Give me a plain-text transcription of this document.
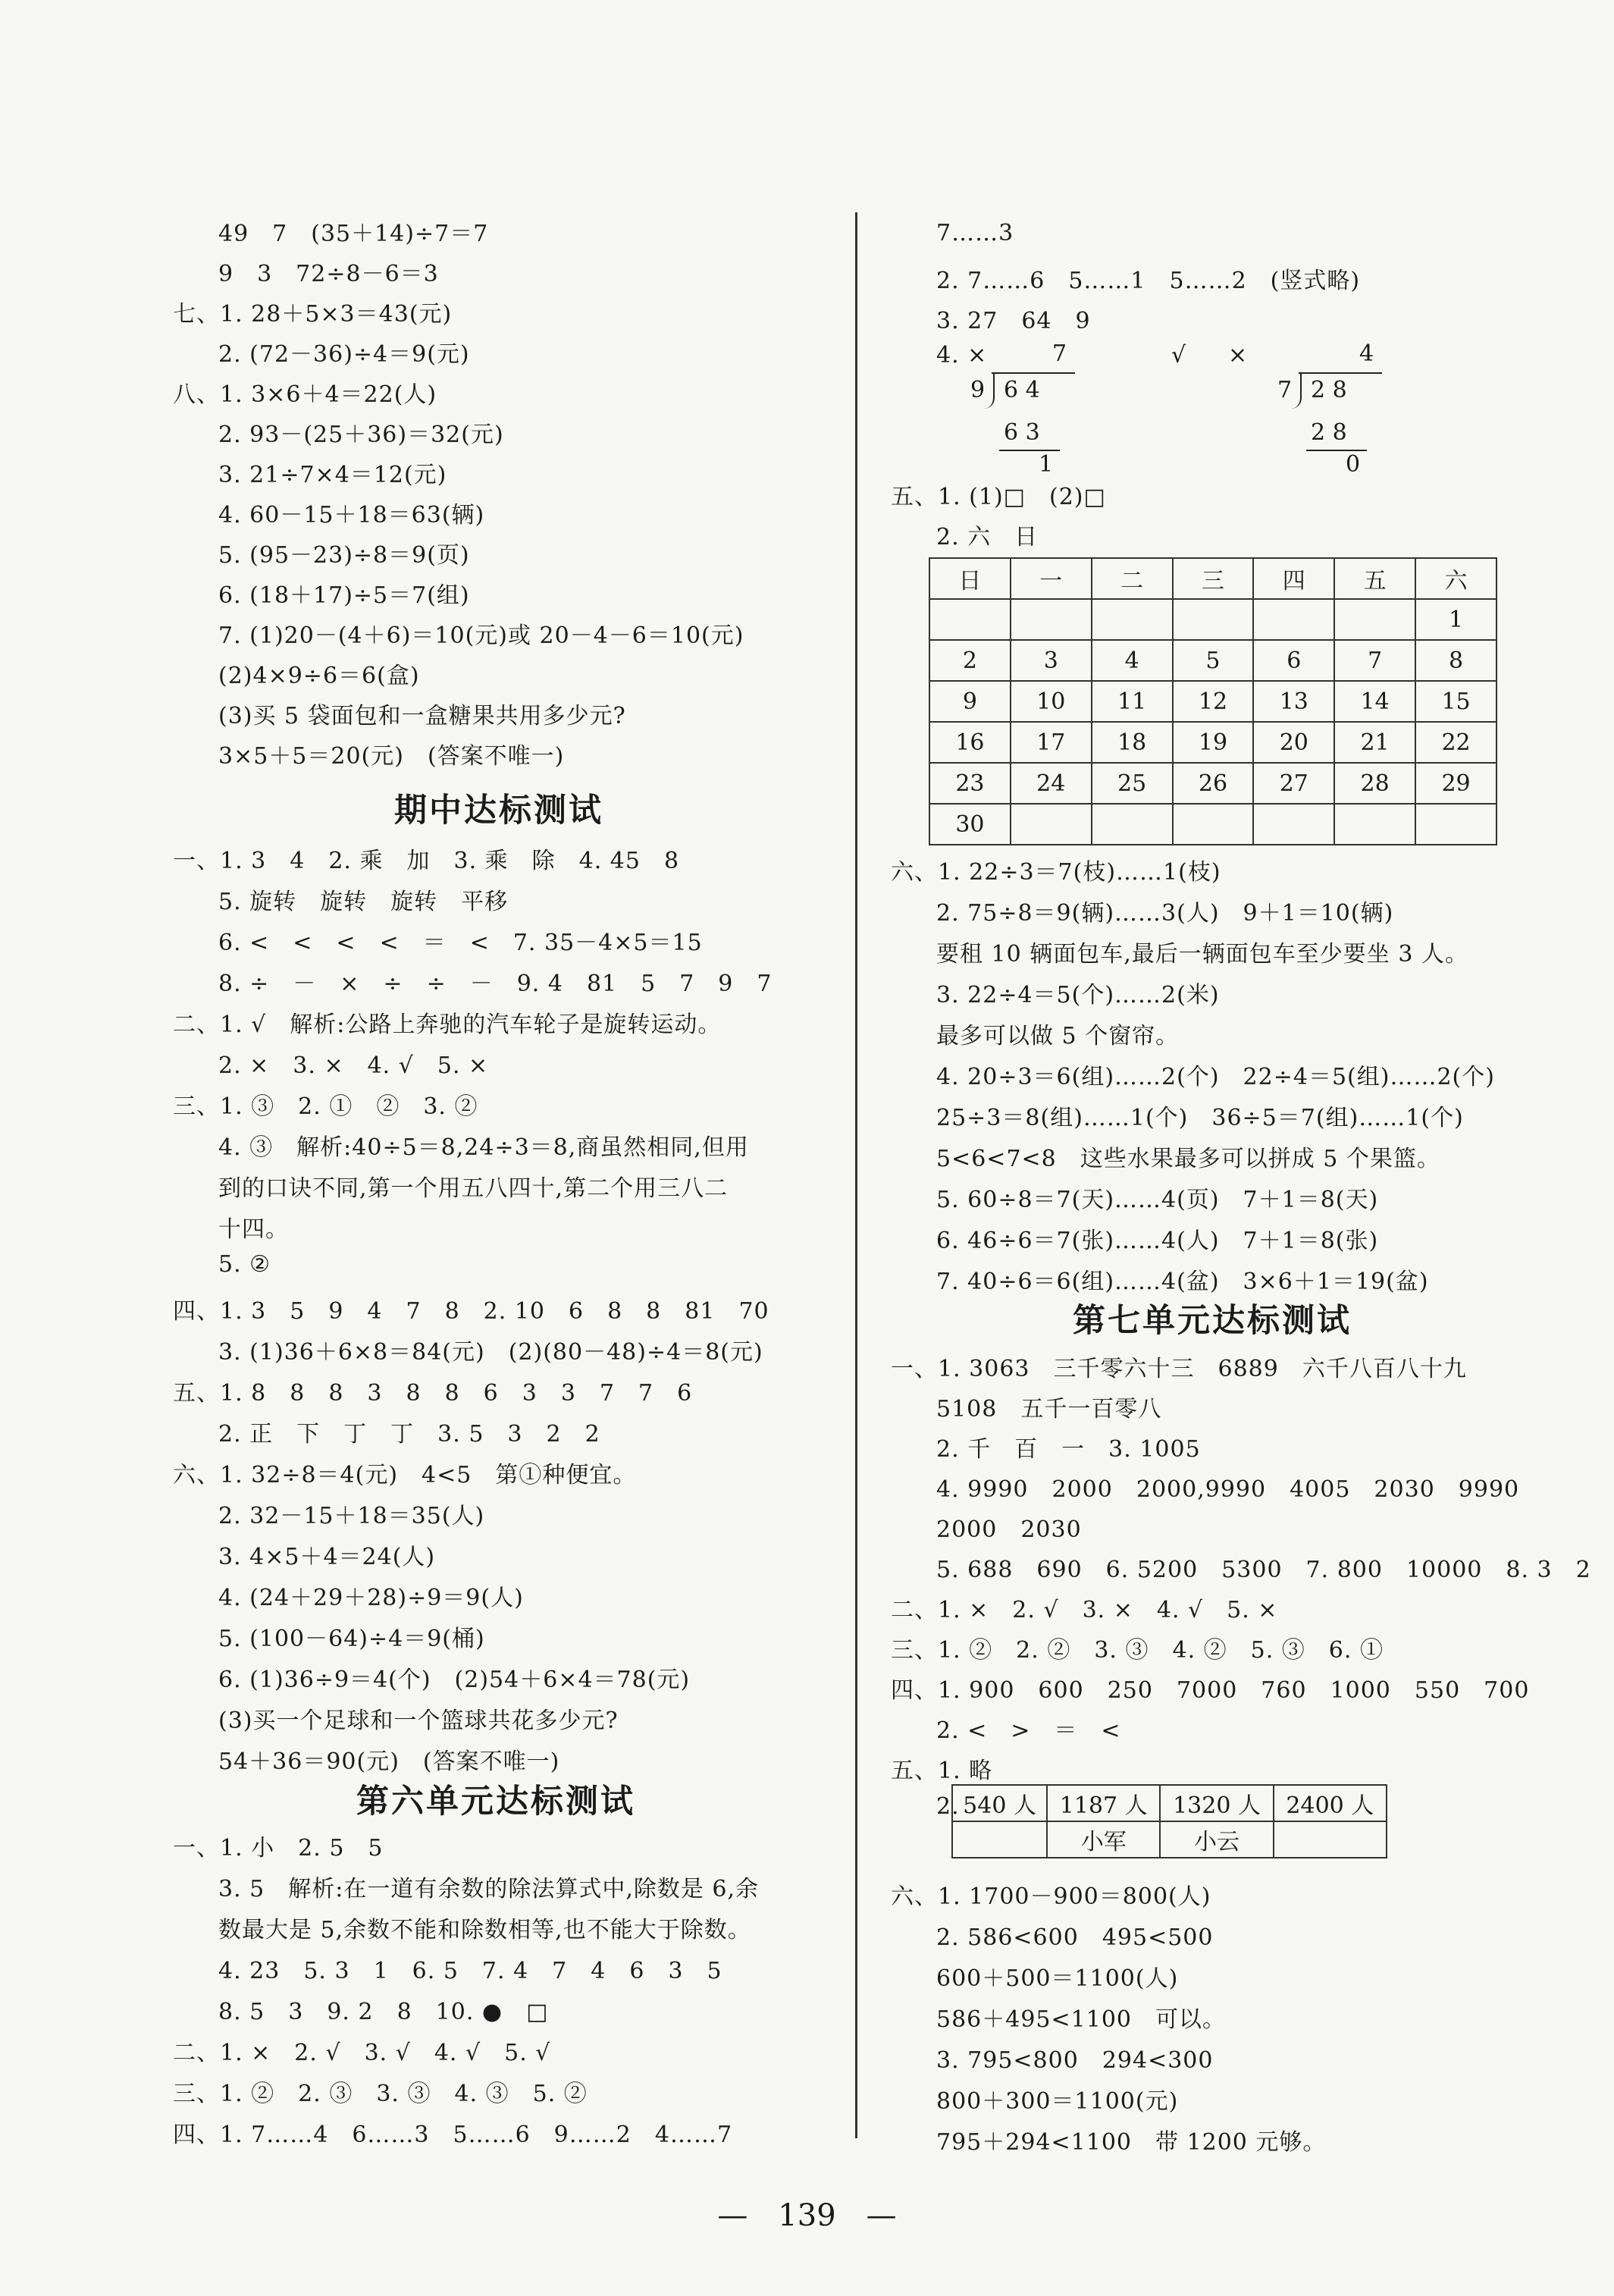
49　7　(35＋14)÷7＝7
9　3　72÷8－6＝3
七、1. 28＋5×3＝43(元)
2. (72－36)÷4＝9(元)
八、1. 3×6＋4＝22(人)
2. 93－(25＋36)＝32(元)
3. 21÷7×4＝12(元)
4. 60－15＋18＝63(辆)
5. (95－23)÷8＝9(页)
6. (18＋17)÷5＝7(组)
7. (1)20－(4＋6)＝10(元)或 20－4－6＝10(元)
(2)4×9÷6＝6(盒)
(3)买 5 袋面包和一盒糖果共用多少元?
3×5＋5＝20(元)　(答案不唯一)
期中达标测试
一、1. 3　4　2. 乘　加　3. 乘　除　4. 45　8
5. 旋转　旋转　旋转　平移
6. <　<　<　<　＝　<　7. 35－4×5＝15
8. ÷　－　×　÷　÷　－　9. 4　81　5　7　9　7
二、1. √　解析:公路上奔驰的汽车轮子是旋转运动。
2. ×　3. ×　4. √　5. ×
三、1. ③　2. ①　②　3. ②
4. ③　解析:40÷5＝8,24÷3＝8,商虽然相同,但用
到的口诀不同,第一个用五八四十,第二个用三八二
十四。
5. ②
四、1. 3　5　9　4　7　8　2. 10　6　8　8　81　70
3. (1)36＋6×8＝84(元)　(2)(80－48)÷4＝8(元)
五、1. 8　8　8　3　8　8　6　3　3　7　7　6
2. 正　下　丁　丁　3. 5　3　2　2
六、1. 32÷8＝4(元)　4<5　第①种便宜。
2. 32－15＋18＝35(人)
3. 4×5＋4＝24(人)
4. (24＋29＋28)÷9＝9(人)
5. (100－64)÷4＝9(桶)
6. (1)36÷9＝4(个)　(2)54＋6×4＝78(元)
(3)买一个足球和一个篮球共花多少元?
54＋36＝90(元)　(答案不唯一)
第六单元达标测试
一、1. 小　2. 5　5
3. 5　解析:在一道有余数的除法算式中,除数是 6,余
数最大是 5,余数不能和除数相等,也不能大于除数。
4. 23　5. 3　1　6. 5　7. 4　7　4　6　3　5
8. 5　3　9. 2　8　10. ●　□
二、1. ×　2. √　3. √　4. √　5. √
三、1. ②　2. ③　3. ③　4. ③　5. ②
四、1. 7……4　6……3　5……6　9……2　4……7
7……3
2. 7……6　5……1　5……2　(竖式略)
3. 27　64　9
4. ×	√ ×
7
9 6 4
6 3
1
4
7 2 8
2 8
0
五、1. (1)□　(2)□
2. 六　日
日	一	二	三	四	五	六
						1
2	3	4	5	6	7	8
9	10	11	12	13	14	15
16	17	18	19	20	21	22
23	24	25	26	27	28	29
30						
六、1. 22÷3＝7(枝)……1(枝)
2. 75÷8＝9(辆)……3(人)　9＋1＝10(辆)
要租 10 辆面包车,最后一辆面包车至少要坐 3 人。
3. 22÷4＝5(个)……2(米)
最多可以做 5 个窗帘。
4. 20÷3＝6(组)……2(个)　22÷4＝5(组)……2(个)
25÷3＝8(组)……1(个)　36÷5＝7(组)……1(个)
5<6<7<8　这些水果最多可以拼成 5 个果篮。
5. 60÷8＝7(天)……4(页)　7＋1＝8(天)
6. 46÷6＝7(张)……4(人)　7＋1＝8(张)
7. 40÷6＝6(组)……4(盆)　3×6＋1＝19(盆)
第七单元达标测试
一、1. 3063　三千零六十三　6889　六千八百八十九
5108　五千一百零八
2. 千　百　一　3. 1005
4. 9990　2000　2000,9990　4005　2030　9990
2000　2030
5. 688　690　6. 5200　5300　7. 800　10000　8. 3　2
二、1. ×　2. √　3. ×　4. √　5. ×
三、1. ②　2. ②　3. ③　4. ②　5. ③　6. ①
四、1. 900　600　250　7000　760　1000　550　700
2. <　>　＝　<
五、1. 略
2. 540 人	1187 人	1320 人	2400 人
	小军	小云	
六、1. 1700－900＝800(人)
2. 586<600　495<500
600＋500＝1100(人)
586＋495<1100　可以。
3. 795<800　294<300
800＋300＝1100(元)
795＋294<1100　带 1200 元够。
—　139　—
